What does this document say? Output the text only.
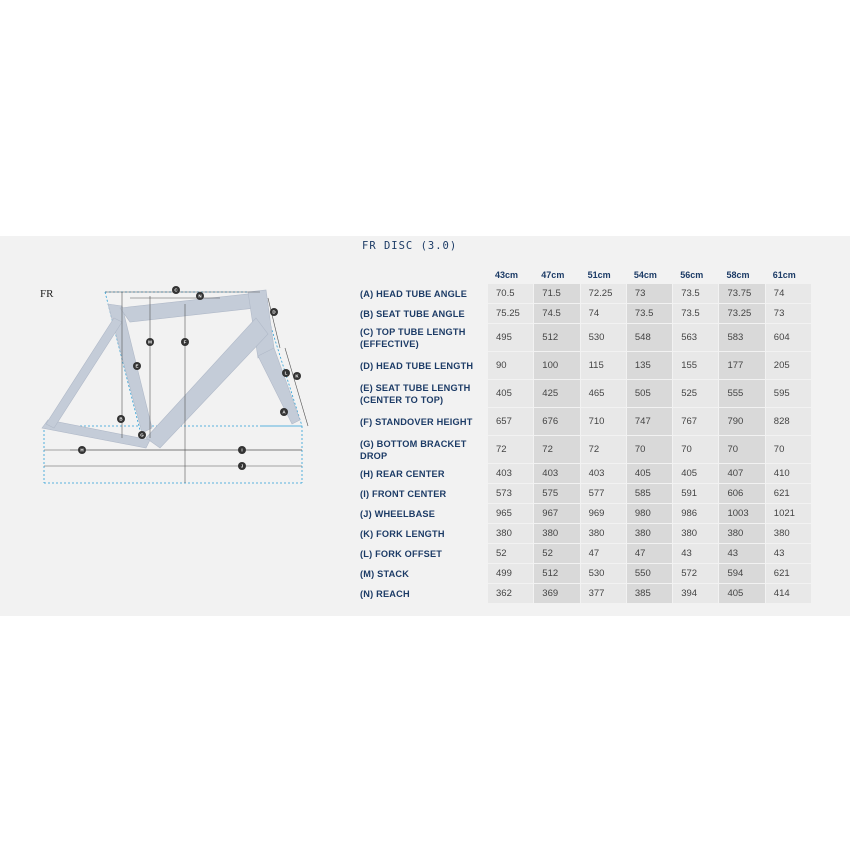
FR DISC (3.0)
FR	C
N
D
M	F
E
L
K
B
A
G
H	I
J
43cm	47cm	51cm	54cm	56cm	58cm	61cm
(A) HEAD TUBE ANGLE	70.5	71.5	72.25	73	73.5	73.75	74
(B) SEAT TUBE ANGLE	75.25	74.5	74	73.5	73.5	73.25	73
(C) TOP TUBE LENGTH (EFFECTIVE)
495	512	530	548	563	583	604
(D) HEAD TUBE LENGTH	90	100	115	135	155	177	205
(E) SEAT TUBE LENGTH (CENTER TO TOP)
405	425	465	505	525	555	595
(F) STANDOVER HEIGHT	657	676	710	747	767	790	828
(G) BOTTOM BRACKET DROP
72	72	72	70	70	70	70
(H) REAR CENTER	403	403	403	405	405	407	410
(I) FRONT CENTER	573	575	577	585	591	606	621
(J) WHEELBASE	965	967	969	980	986	1003	1021
(K) FORK LENGTH	380	380	380	380	380	380	380
(L) FORK OFFSET	52	52	47	47	43	43	43
(M) STACK	499	512	530	550	572	594	621
(N) REACH	362	369	377	385	394	405	414
